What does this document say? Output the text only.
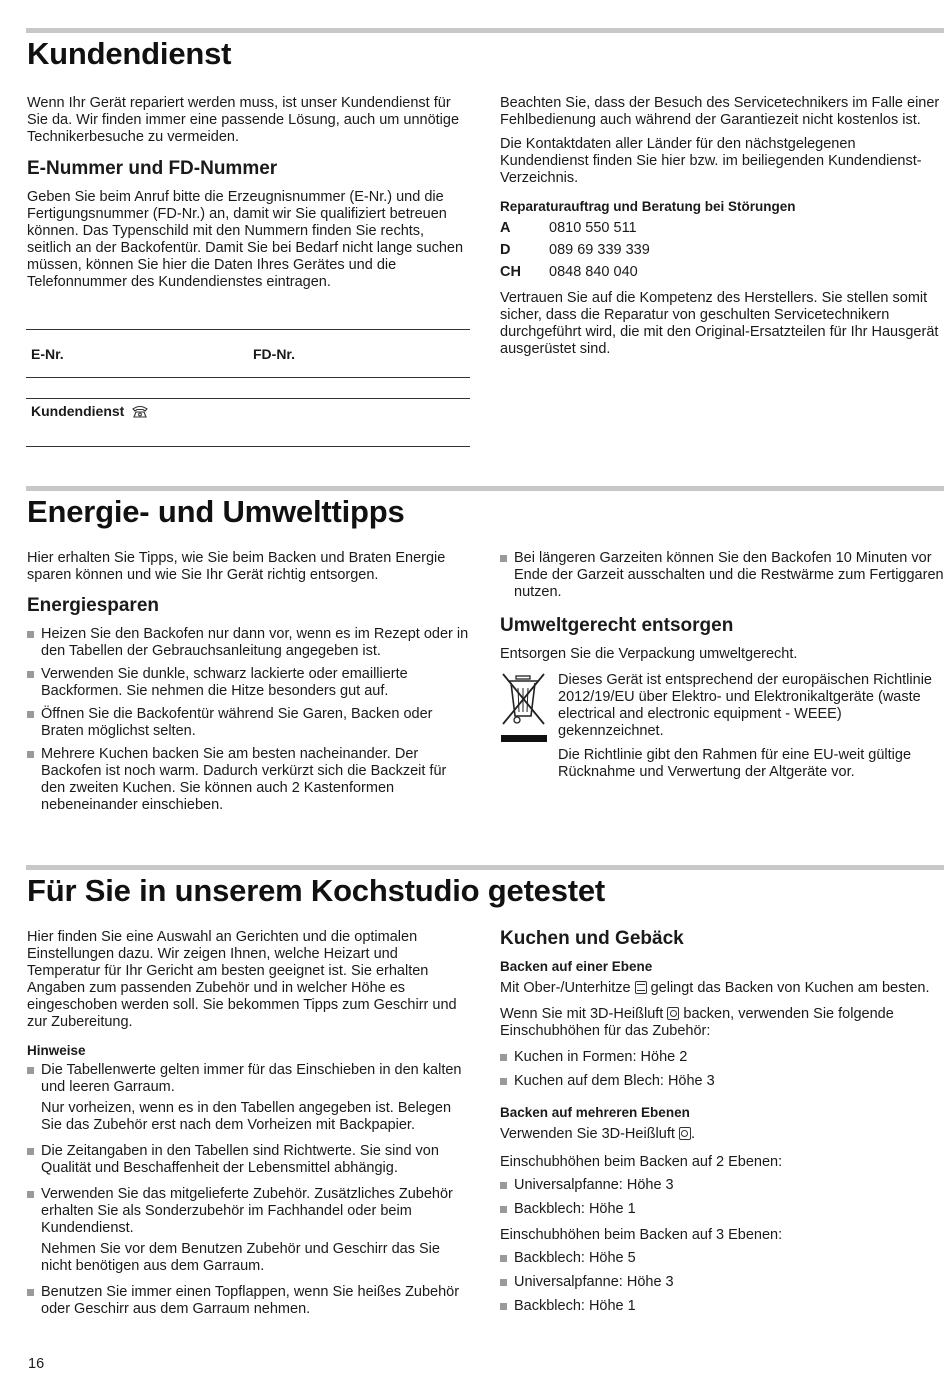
Kundendienst

Wenn Ihr Gerät repariert werden muss, ist unser Kundendienst für Sie da. Wir finden immer eine passende Lösung, auch um unnötige Technikerbesuche zu vermeiden.

E-Nummer und FD-Nummer

Geben Sie beim Anruf bitte die Erzeugnisnummer (E-Nr.) und die Fertigungsnummer (FD-Nr.) an, damit wir Sie qualifiziert betreuen können. Das Typenschild mit den Nummern finden Sie rechts, seitlich an der Backofentür. Damit Sie bei Bedarf nicht lange suchen müssen, können Sie hier die Daten Ihres Gerätes und die Telefonnummer des Kundendienstes eintragen.

E-Nr.	FD-Nr.
Kundendienst

Beachten Sie, dass der Besuch des Servicetechnikers im Falle einer Fehlbedienung auch während der Garantiezeit nicht kostenlos ist.

Die Kontaktdaten aller Länder für den nächstgelegenen Kundendienst finden Sie hier bzw. im beiliegenden Kundendienst-Verzeichnis.

Reparaturauftrag und Beratung bei Störungen
A	0810 550 511
D	089 69 339 339
CH	0848 840 040

Vertrauen Sie auf die Kompetenz des Herstellers. Sie stellen somit sicher, dass die Reparatur von geschulten Servicetechnikern durchgeführt wird, die mit den Original-Ersatzteilen für Ihr Hausgerät ausgerüstet sind.

Energie- und Umwelttipps

Hier erhalten Sie Tipps, wie Sie beim Backen und Braten Energie sparen können und wie Sie Ihr Gerät richtig entsorgen.

Energiesparen
Heizen Sie den Backofen nur dann vor, wenn es im Rezept oder in den Tabellen der Gebrauchsanleitung angegeben ist.
Verwenden Sie dunkle, schwarz lackierte oder emaillierte Backformen. Sie nehmen die Hitze besonders gut auf.
Öffnen Sie die Backofentür während Sie Garen, Backen oder Braten möglichst selten.
Mehrere Kuchen backen Sie am besten nacheinander. Der Backofen ist noch warm. Dadurch verkürzt sich die Backzeit für den zweiten Kuchen. Sie können auch 2 Kastenformen nebeneinander einschieben.
Bei längeren Garzeiten können Sie den Backofen 10 Minuten vor Ende der Garzeit ausschalten und die Restwärme zum Fertiggaren nutzen.
Umweltgerecht entsorgen

Entsorgen Sie die Verpackung umweltgerecht.

Dieses Gerät ist entsprechend der europäischen Richtlinie 2012/19/EU über Elektro- und Elektronikaltgeräte (waste electrical and electronic equipment - WEEE) gekennzeichnet.

Die Richtlinie gibt den Rahmen für eine EU-weit gültige Rücknahme und Verwertung der Altgeräte vor.

Für Sie in unserem Kochstudio getestet

Hier finden Sie eine Auswahl an Gerichten und die optimalen Einstellungen dazu. Wir zeigen Ihnen, welche Heizart und Temperatur für Ihr Gericht am besten geeignet ist. Sie erhalten Angaben zum passenden Zubehör und in welcher Höhe es eingeschoben werden soll. Sie bekommen Tipps zum Geschirr und zur Zubereitung.

Hinweise
Die Tabellenwerte gelten immer für das Einschieben in den kalten und leeren Garraum.
Nur vorheizen, wenn es in den Tabellen angegeben ist. Belegen Sie das Zubehör erst nach dem Vorheizen mit Backpapier.
Die Zeitangaben in den Tabellen sind Richtwerte. Sie sind von Qualität und Beschaffenheit der Lebensmittel abhängig.
Verwenden Sie das mitgelieferte Zubehör. Zusätzliches Zubehör erhalten Sie als Sonderzubehör im Fachhandel oder beim Kundendienst.
Nehmen Sie vor dem Benutzen Zubehör und Geschirr das Sie nicht benötigen aus dem Garraum.
Benutzen Sie immer einen Topflappen, wenn Sie heißes Zubehör oder Geschirr aus dem Garraum nehmen.
Kuchen und Gebäck
Backen auf einer Ebene

Mit Ober-/Unterhitze gelingt das Backen von Kuchen am besten.

Wenn Sie mit 3D-Heißluft backen, verwenden Sie folgende Einschubhöhen für das Zubehör:

Kuchen in Formen: Höhe 2
Kuchen auf dem Blech: Höhe 3
Backen auf mehreren Ebenen

Verwenden Sie 3D-Heißluft .

Einschubhöhen beim Backen auf 2 Ebenen:

Universalpfanne: Höhe 3
Backblech: Höhe 1

Einschubhöhen beim Backen auf 3 Ebenen:

Backblech: Höhe 5
Universalpfanne: Höhe 3
Backblech: Höhe 1
16
